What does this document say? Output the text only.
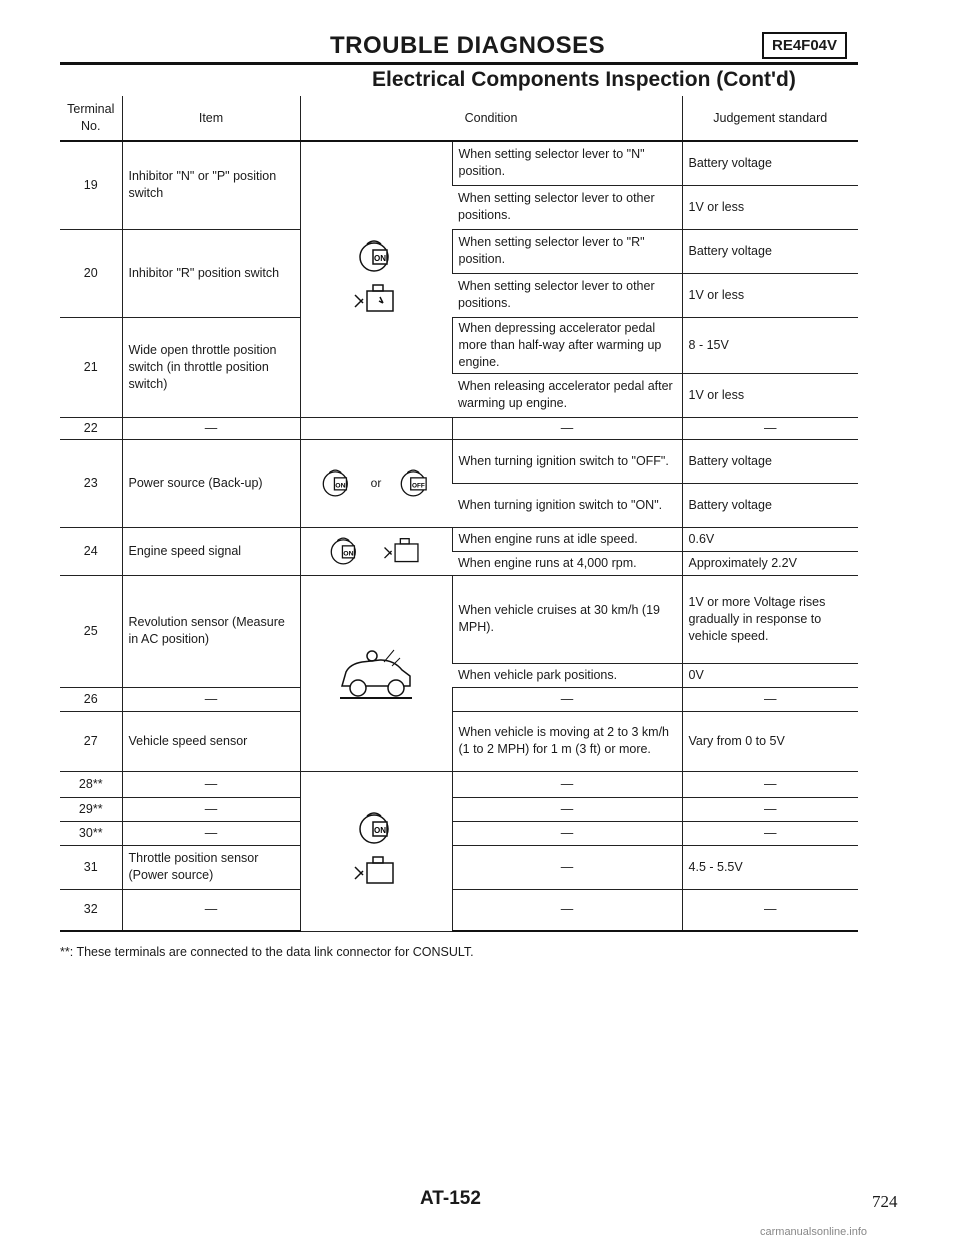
TROUBLE DIAGNOSES	RE4F04V
Electrical Components Inspection (Cont'd)
Terminal No.	Item	Condition		Judgement standard
19	Inhibitor "N" or "P" position switch	ON	When setting selector lever to "N" position.	Battery voltage
			When setting selector lever to other positions.	1V or less
20	Inhibitor "R" position switch		When setting selector lever to "R" position.	Battery voltage
			When setting selector lever to other positions.	1V or less
21	Wide open throttle position switch (in throttle position switch)		When depressing accelerator pedal more than half-way after warming up engine.	8 - 15V
			When releasing accelerator pedal after warming up engine.	1V or less
22	—		—	—
23	Power source (Back-up)	ON or OFF	When turning ignition switch to "OFF".	Battery voltage
			When turning ignition switch to "ON".	Battery voltage
24	Engine speed signal	ON	When engine runs at idle speed.	0.6V
			When engine runs at 4,000 rpm.	Approximately 2.2V
25	Revolution sensor (Measure in AC position)		When vehicle cruises at 30 km/h (19 MPH).	1V or more Voltage rises gradually in response to vehicle speed.
			When vehicle park positions.	0V
26	—		—	—
27	Vehicle speed sensor		When vehicle is moving at 2 to 3 km/h (1 to 2 MPH) for 1 m (3 ft) or more.	Vary from 0 to 5V
28**	—	ON	—	—
29**	—		—	—
30**	—		—	—
31	Throttle position sensor (Power source)		—	4.5 - 5.5V
32	—		—	—
**: These terminals are connected to the data link connector for CONSULT.
AT-152	724
carmanualsonline.info
